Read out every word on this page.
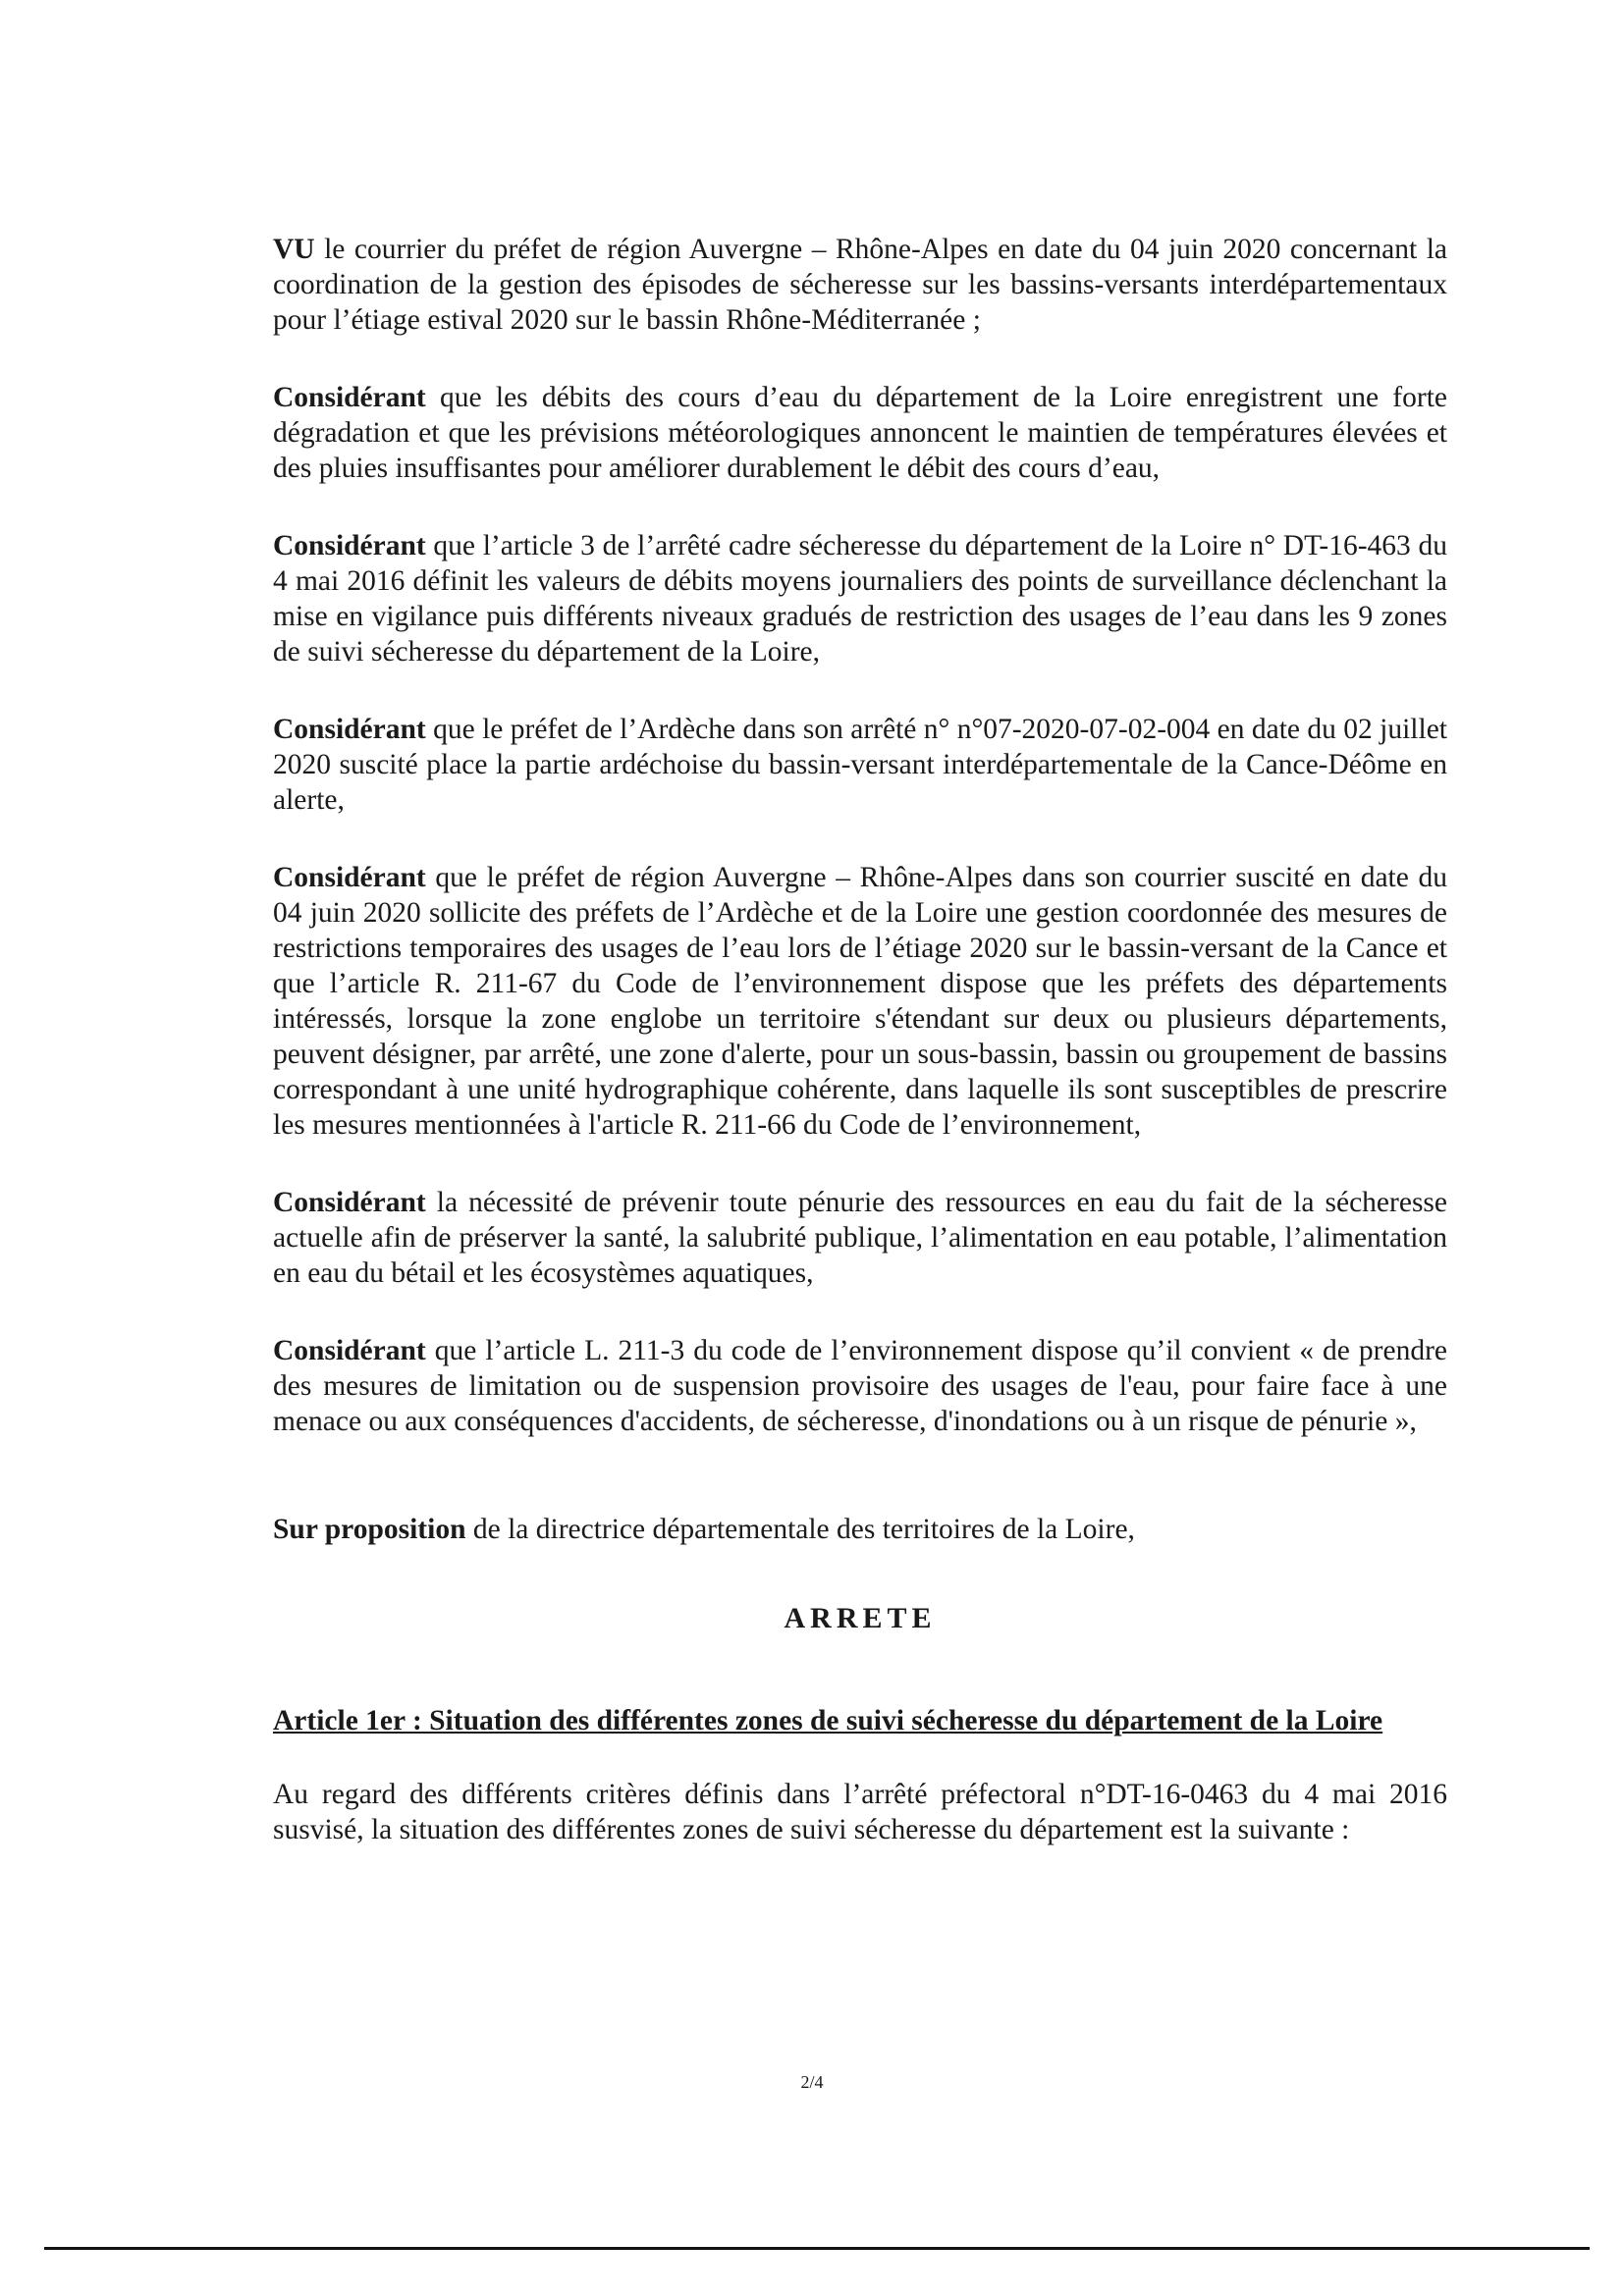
VU le courrier du préfet de région Auvergne – Rhône-Alpes en date du 04 juin 2020 concernant la coordination de la gestion des épisodes de sécheresse sur les bassins-versants interdépartementaux pour l’étiage estival 2020 sur le bassin Rhône-Méditerranée ;

Considérant que les débits des cours d’eau du département de la Loire enregistrent une forte dégradation et que les prévisions météorologiques annoncent le maintien de températures élevées et des pluies insuffisantes pour améliorer durablement le débit des cours d’eau,

Considérant que l’article 3 de l’arrêté cadre sécheresse du département de la Loire n° DT-16-463 du 4 mai 2016 définit les valeurs de débits moyens journaliers des points de surveillance déclenchant la mise en vigilance puis différents niveaux gradués de restriction des usages de l’eau dans les 9 zones de suivi sécheresse du département de la Loire,

Considérant que le préfet de l’Ardèche dans son arrêté n° n°07-2020-07-02-004 en date du 02 juillet 2020 suscité place la partie ardéchoise du bassin-versant interdépartementale de la Cance-Déôme en alerte,

Considérant que le préfet de région Auvergne – Rhône-Alpes dans son courrier suscité en date du 04 juin 2020 sollicite des préfets de l’Ardèche et de la Loire une gestion coordonnée des mesures de restrictions temporaires des usages de l’eau lors de l’étiage 2020 sur le bassin-versant de la Cance et que l’article R. 211-67 du Code de l’environnement dispose que les préfets des départements intéressés, lorsque la zone englobe un territoire s'étendant sur deux ou plusieurs départements, peuvent désigner, par arrêté, une zone d'alerte, pour un sous-bassin, bassin ou groupement de bassins correspondant à une unité hydrographique cohérente, dans laquelle ils sont susceptibles de prescrire les mesures mentionnées à l'article R. 211-66 du Code de l’environnement,

Considérant la nécessité de prévenir toute pénurie des ressources en eau du fait de la sécheresse actuelle afin de préserver la santé, la salubrité publique, l’alimentation en eau potable, l’alimentation en eau du bétail et les écosystèmes aquatiques,

Considérant que l’article L. 211-3 du code de l’environnement dispose qu’il convient « de prendre des mesures de limitation ou de suspension provisoire des usages de l'eau, pour faire face à une menace ou aux conséquences d'accidents, de sécheresse, d'inondations ou à un risque de pénurie »,

Sur proposition de la directrice départementale des territoires de la Loire,

ARRETE
Article 1er : Situation des différentes zones de suivi sécheresse du département de la Loire

Au regard des différents critères définis dans l’arrêté préfectoral n°DT-16-0463 du 4 mai 2016 susvisé, la situation des différentes zones de suivi sécheresse du département est la suivante :

2/4
